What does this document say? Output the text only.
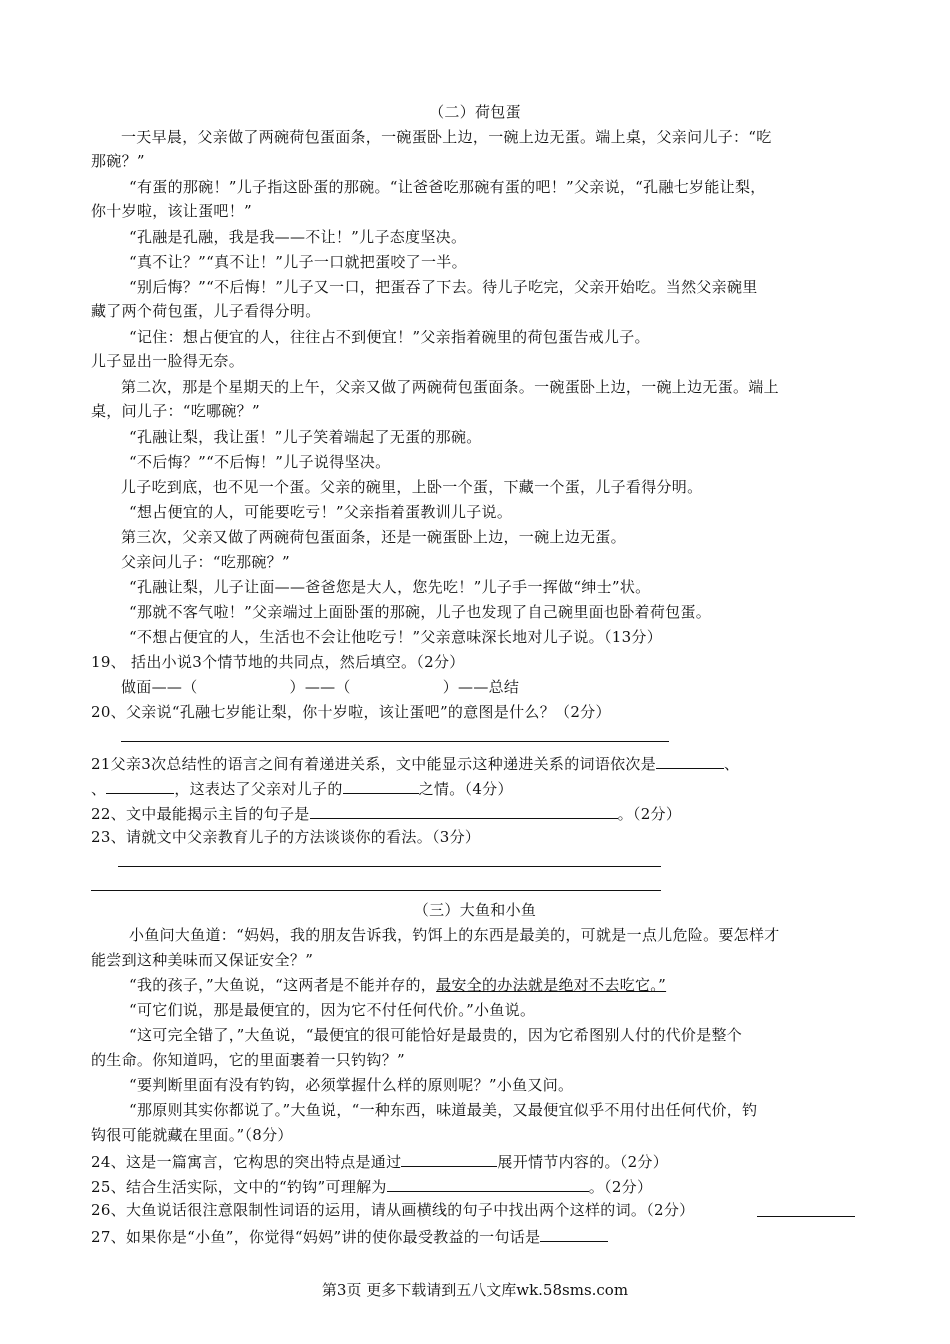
（二）荷包蛋
一天早晨，父亲做了两碗荷包蛋面条，一碗蛋卧上边，一碗上边无蛋。端上桌，父亲问儿子：“吃
那碗？”
“有蛋的那碗！”儿子指这卧蛋的那碗。“让爸爸吃那碗有蛋的吧！”父亲说，“孔融七岁能让梨，
你十岁啦，该让蛋吧！”
“孔融是孔融，我是我——不让！”儿子态度坚决。
“真不让？”“真不让！”儿子一口就把蛋咬了一半。
“别后悔？”“不后悔！”儿子又一口，把蛋吞了下去。待儿子吃完，父亲开始吃。当然父亲碗里
藏了两个荷包蛋，儿子看得分明。
“记住：想占便宜的人，往往占不到便宜！”父亲指着碗里的荷包蛋告戒儿子。
儿子显出一脸得无奈。
第二次，那是个星期天的上午，父亲又做了两碗荷包蛋面条。一碗蛋卧上边，一碗上边无蛋。端上
桌，问儿子：“吃哪碗？”
“孔融让梨，我让蛋！”儿子笑着端起了无蛋的那碗。
“不后悔？”“不后悔！”儿子说得坚决。
儿子吃到底，也不见一个蛋。父亲的碗里，上卧一个蛋，下藏一个蛋，儿子看得分明。
“想占便宜的人，可能要吃亏！”父亲指着蛋教训儿子说。
第三次，父亲又做了两碗荷包蛋面条，还是一碗蛋卧上边，一碗上边无蛋。
父亲问儿子：“吃那碗？”
“孔融让梨，儿子让面——爸爸您是大人，您先吃！”儿子手一挥做“绅士”状。
“那就不客气啦！”父亲端过上面卧蛋的那碗，儿子也发现了自己碗里面也卧着荷包蛋。
“不想占便宜的人，生活也不会让他吃亏！”父亲意味深长地对儿子说。（13分）
19、 括出小说3个情节地的共同点，然后填空。（2分）
做面——（	）——（	）——总结
20、父亲说“孔融七岁能让梨，你十岁啦，该让蛋吧”的意图是什么？（2分）
21父亲3次总结性的语言之间有着递进关系，文中能显示这种递进关系的词语依次是	、
、	，这表达了父亲对儿子的	之情。（4分）
22、文中最能揭示主旨的句子是	。（2分）
23、请就文中父亲教育儿子的方法谈谈你的看法。（3分）
（三）大鱼和小鱼
小鱼问大鱼道：“妈妈，我的朋友告诉我，钓饵上的东西是最美的，可就是一点儿危险。要怎样才
能尝到这种美味而又保证安全？”
“我的孩子，”大鱼说，“这两者是不能并存的，最安全的办法就是绝对不去吃它。”
“可它们说，那是最便宜的，因为它不付任何代价。”小鱼说。
“这可完全错了，”大鱼说，“最便宜的很可能恰好是最贵的，因为它希图别人付的代价是整个
的生命。你知道吗，它的里面裹着一只钓钩？”
“要判断里面有没有钓钩，必须掌握什么样的原则呢？”小鱼又问。
“那原则其实你都说了。”大鱼说，“一种东西，味道最美，又最便宜似乎不用付出任何代价，钓
钩很可能就藏在里面。”（8分）
24、这是一篇寓言，它构思的突出特点是通过	展开情节内容的。（2分）
25、结合生活实际，文中的“钓钩”可理解为	。（2分）
26、大鱼说话很注意限制性词语的运用，请从画横线的句子中找出两个这样的词。（2分）
27、如果你是“小鱼”，你觉得“妈妈”讲的使你最受教益的一句话是
第3页 更多下载请到五八文库wk.58sms.com
